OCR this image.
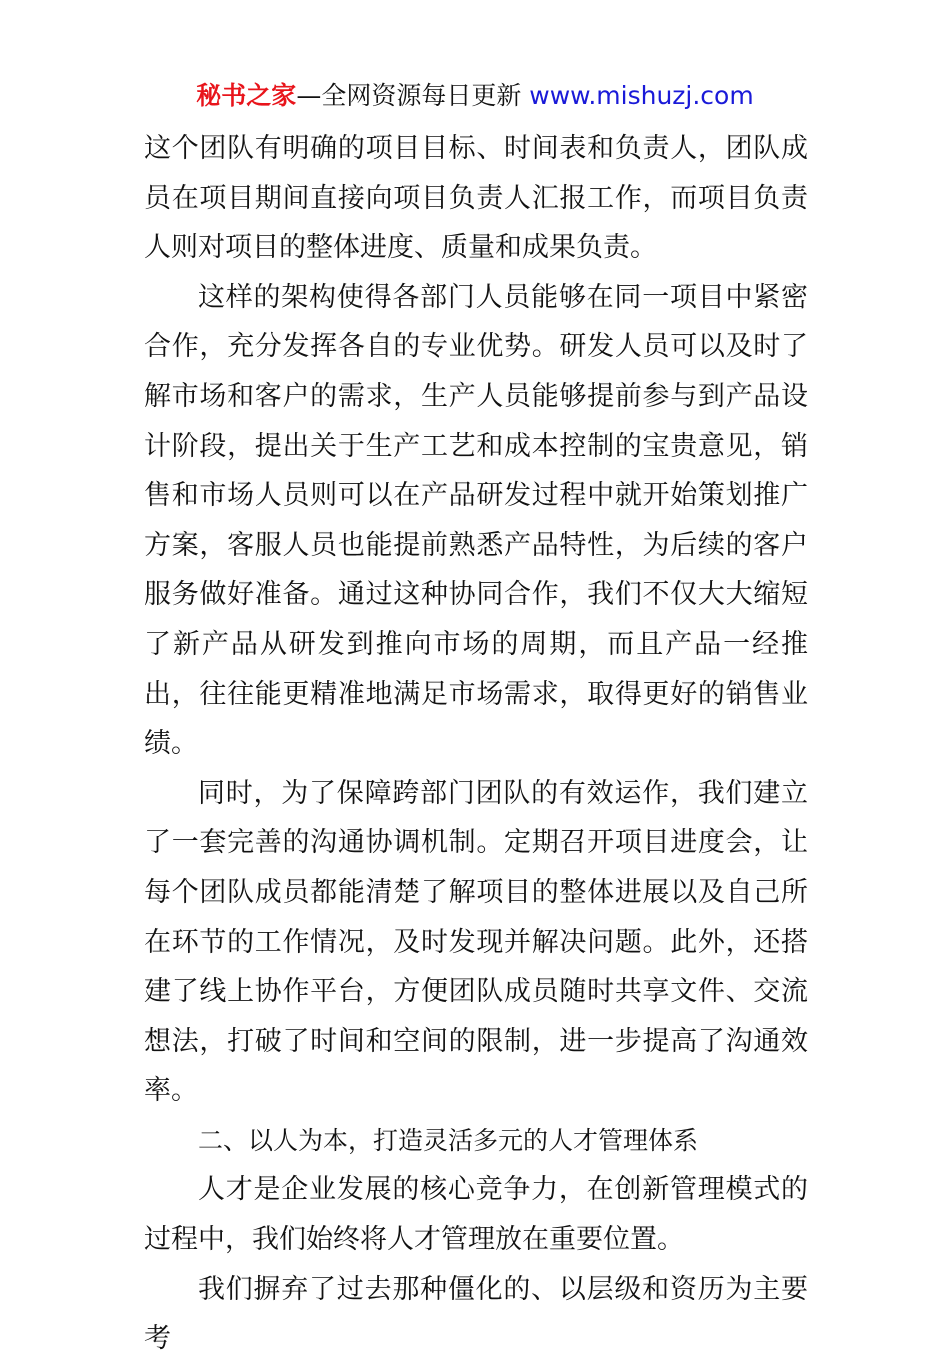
秘书之家—全网资源每日更新 www.mishuzj.com

这个团队有明确的项目目标、时间表和负责人，团队成员在项目期间直接向项目负责人汇报工作，而项目负责人则对项目的整体进度、质量和成果负责。

这样的架构使得各部门人员能够在同一项目中紧密合作，充分发挥各自的专业优势。研发人员可以及时了解市场和客户的需求，生产人员能够提前参与到产品设计阶段，提出关于生产工艺和成本控制的宝贵意见，销售和市场人员则可以在产品研发过程中就开始策划推广方案，客服人员也能提前熟悉产品特性，为后续的客户服务做好准备。通过这种协同合作，我们不仅大大缩短了新产品从研发到推向市场的周期，而且产品一经推出，往往能更精准地满足市场需求，取得更好的销售业绩。

同时，为了保障跨部门团队的有效运作，我们建立了一套完善的沟通协调机制。定期召开项目进度会，让每个团队成员都能清楚了解项目的整体进展以及自己所在环节的工作情况，及时发现并解决问题。此外，还搭建了线上协作平台，方便团队成员随时共享文件、交流想法，打破了时间和空间的限制，进一步提高了沟通效率。

二、以人为本，打造灵活多元的人才管理体系

人才是企业发展的核心竞争力，在创新管理模式的过程中，我们始终将人才管理放在重要位置。

我们摒弃了过去那种僵化的、以层级和资历为主要考
